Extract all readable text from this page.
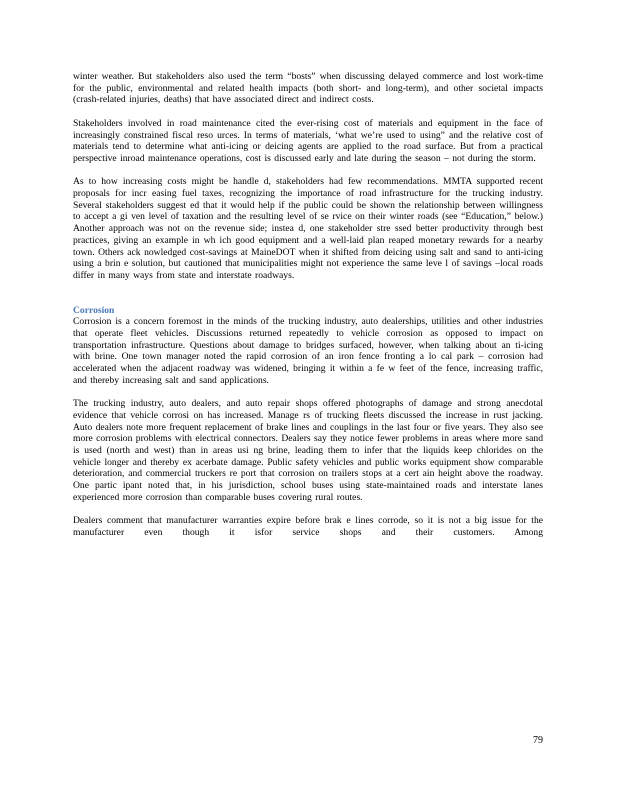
winter weather. But stakeholders also used the term “bosts” when discussing delayed commerce and lost work-time for the public, environmental and related health impacts (both short- and long-term), and other societal impacts (crash-related injuries, deaths) that have associated direct and indirect costs.

Stakeholders involved in road maintenance cited the ever-rising cost of materials and equipment in the face of increasingly constrained fiscal reso urces. In terms of materials, ‘what we’re used to using” and the relative cost of materials tend to determine what anti-icing or deicing agents are applied to the road surface. But from a practical perspective inroad maintenance operations, cost is discussed early and late during the season – not during the storm.

As to how increasing costs might be handle d, stakeholders had few recommendations. MMTA supported recent proposals for incr easing fuel taxes, recognizing the importance of road infrastructure for the trucking industry. Several stakeholders suggest ed that it would help if the public could be shown the relationship between willingness to accept a gi ven level of taxation and the resulting level of se rvice on their winter roads (see “Education,” below.) Another approach was not on the revenue side; instea d, one stakeholder stre ssed better productivity through best practices, giving an example in wh ich good equipment and a well-laid plan reaped monetary rewards for a nearby town. Others ack nowledged cost-savings at MaineDOT when it shifted from deicing using salt and sand to anti-icing using a brin e solution, but cautioned that municipalities might not experience the same leve l of savings –local roads differ in many ways from state and interstate roadways.

Corrosion

Corrosion is a concern foremost in the minds of the trucking industry, auto dealerships, utilities and other industries that operate fleet vehicles. Discussions returned repeatedly to vehicle corrosion as opposed to impact on transportation infrastructure. Questions about damage to bridges surfaced, however, when talking about an ti-icing with brine. One town manager noted the rapid corrosion of an iron fence fronting a lo cal park – corrosion had accelerated when the adjacent roadway was widened, bringing it within a fe w feet of the fence, increasing traffic, and thereby increasing salt and sand applications.

The trucking industry, auto dealers, and auto repair shops offered photographs of damage and strong anecdotal evidence that vehicle corrosi on has increased. Manage rs of trucking fleets discussed the increase in rust jacking. Auto dealers note more frequent replacement of brake lines and couplings in the last four or five years. They also see more corrosion problems with electrical connectors. Dealers say they notice fewer problems in areas where more sand is used (north and west) than in areas usi ng brine, leading them to infer that the liquids keep chlorides on the vehicle longer and thereby ex acerbate damage. Public safety vehicles and public works equipment show comparable deterioration, and commercial truckers re port that corrosion on trailers stops at a cert ain height above the roadway. One partic ipant noted that, in his jurisdiction, school buses using state-maintained roads and interstate lanes experienced more corrosion than comparable buses covering rural routes.

Dealers comment that manufacturer warranties expire before brak e lines corrode, so it is not a big issue for the manufacturer even though it isfor service shops and their customers. Among

79
